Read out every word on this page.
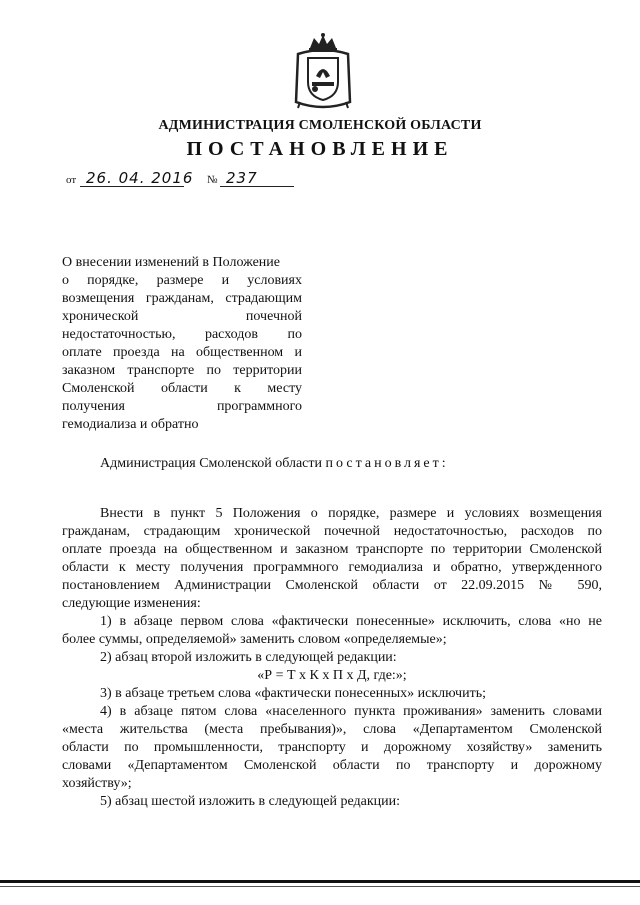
АДМИНИСТРАЦИЯ СМОЛЕНСКОЙ ОБЛАСТИ
ПОСТАНОВЛЕНИЕ
от 26. 04. 2016 № 237
О внесении изменений в Положение
о порядке, размере и условиях
возмещения гражданам, страдающим
хронической почечной
недостаточностью, расходов по
оплате проезда на общественном и
заказном транспорте по территории
Смоленской области к месту
получения программного
гемодиализа и обратно
Администрация Смоленской области постановляет:
Внести в пункт 5 Положения о порядке, размере и условиях возмещения
гражданам, страдающим хронической почечной недостаточностью, расходов по
оплате проезда на общественном и заказном транспорте по территории Смоленской
области к месту получения программного гемодиализа и обратно, утвержденного
постановлением Администрации Смоленской области от 22.09.2015 № 590,
следующие изменения:
1) в абзаце первом слова «фактически понесенные» исключить, слова «но не
более суммы, определяемой» заменить словом «определяемые»;
2) абзац второй изложить в следующей редакции:
«Р = Т x К x П x Д, где:»;
3) в абзаце третьем слова «фактически понесенных» исключить;
4) в абзаце пятом слова «населенного пункта проживания» заменить словами
«места жительства (места пребывания)», слова «Департаментом Смоленской
области по промышленности, транспорту и дорожному хозяйству» заменить
словами «Департаментом Смоленской области по транспорту и дорожному
хозяйству»;
5) абзац шестой изложить в следующей редакции:
